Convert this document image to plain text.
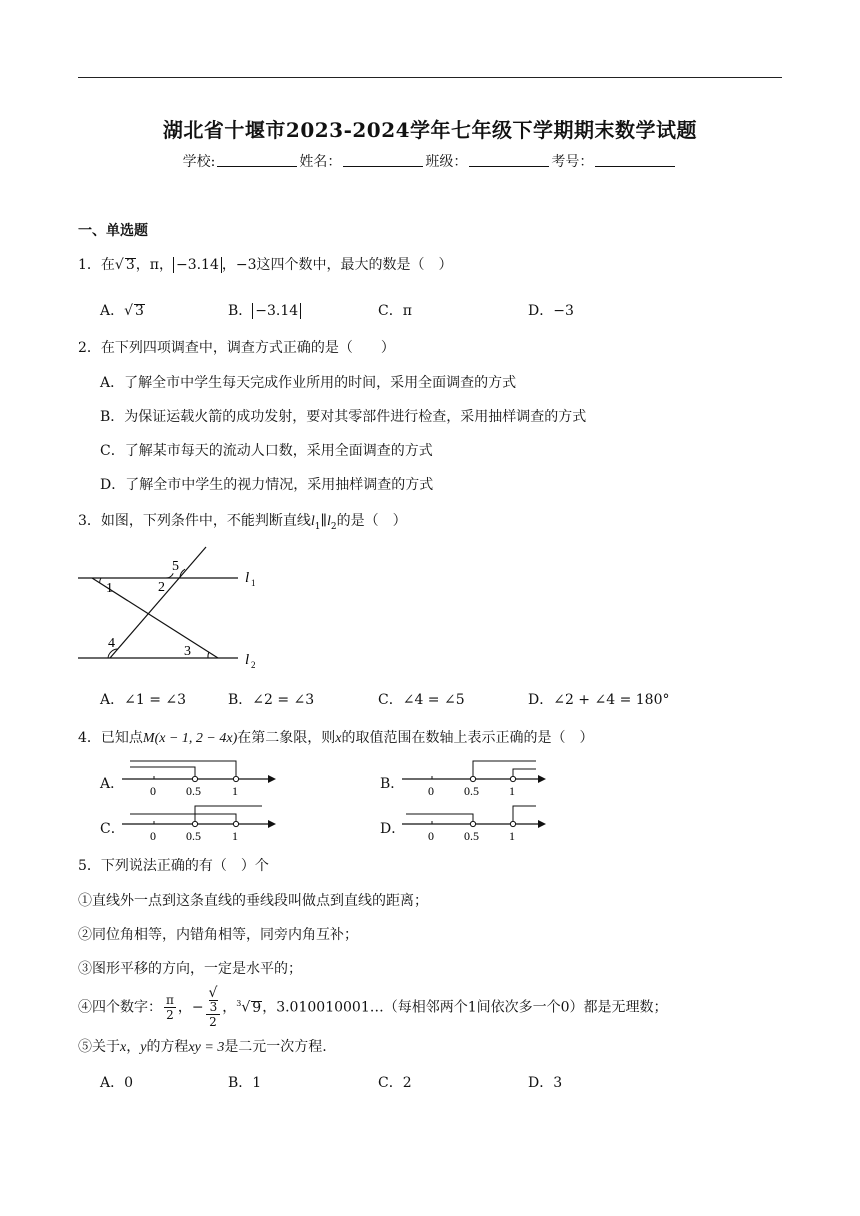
湖北省十堰市2023-2024学年七年级下学期期末数学试题
学校:	姓名：	班级：	考号：
一、单选题
1．在√ 3，π， −3.14 ，−3这四个数中，最大的数是（　）
A．√ 3	B． −3.14	C．π	D．−3
2．在下列四项调查中，调查方式正确的是（　　）
A．了解全市中学生每天完成作业所用的时间，采用全面调查的方式
B．为保证运载火箭的成功发射，要对其零部件进行检查，采用抽样调查的方式
C．了解某市每天的流动人口数，采用全面调查的方式
D．了解全市中学生的视力情况，采用抽样调查的方式
3．如图，下列条件中，不能判断直线$l_1\parallel l_2$的是（　）
1	2
5
4
3
l 1
l 2
A．∠1 = ∠3	B．∠2 = ∠3	C．∠4 = ∠5	D．∠2 + ∠4 = 180°
4．已知点M(x − 1, 2 − 4x)在第二象限，则x的取值范围在数轴上表示正确的是（　）
A． 0	0.5	1	B． 0	0.5	1
C． 0	0.5	1	D． 0	0.5	1
5．下列说法正确的有（　）个
①直线外一点到这条直线的垂线段叫做点到直线的距离；
②同位角相等，内错角相等，同旁内角互补；
③图形平移的方向，一定是水平的；
④四个数字： $\frac{\pi}{2}$ ，− √
3
2 ，$^3$√ 9，3.010010001…（每相邻两个1间依次多一个0）都是无理数；
⑤关于x，y的方程xy = 3是二元一次方程.
A．0	B．1	C．2	D．3
